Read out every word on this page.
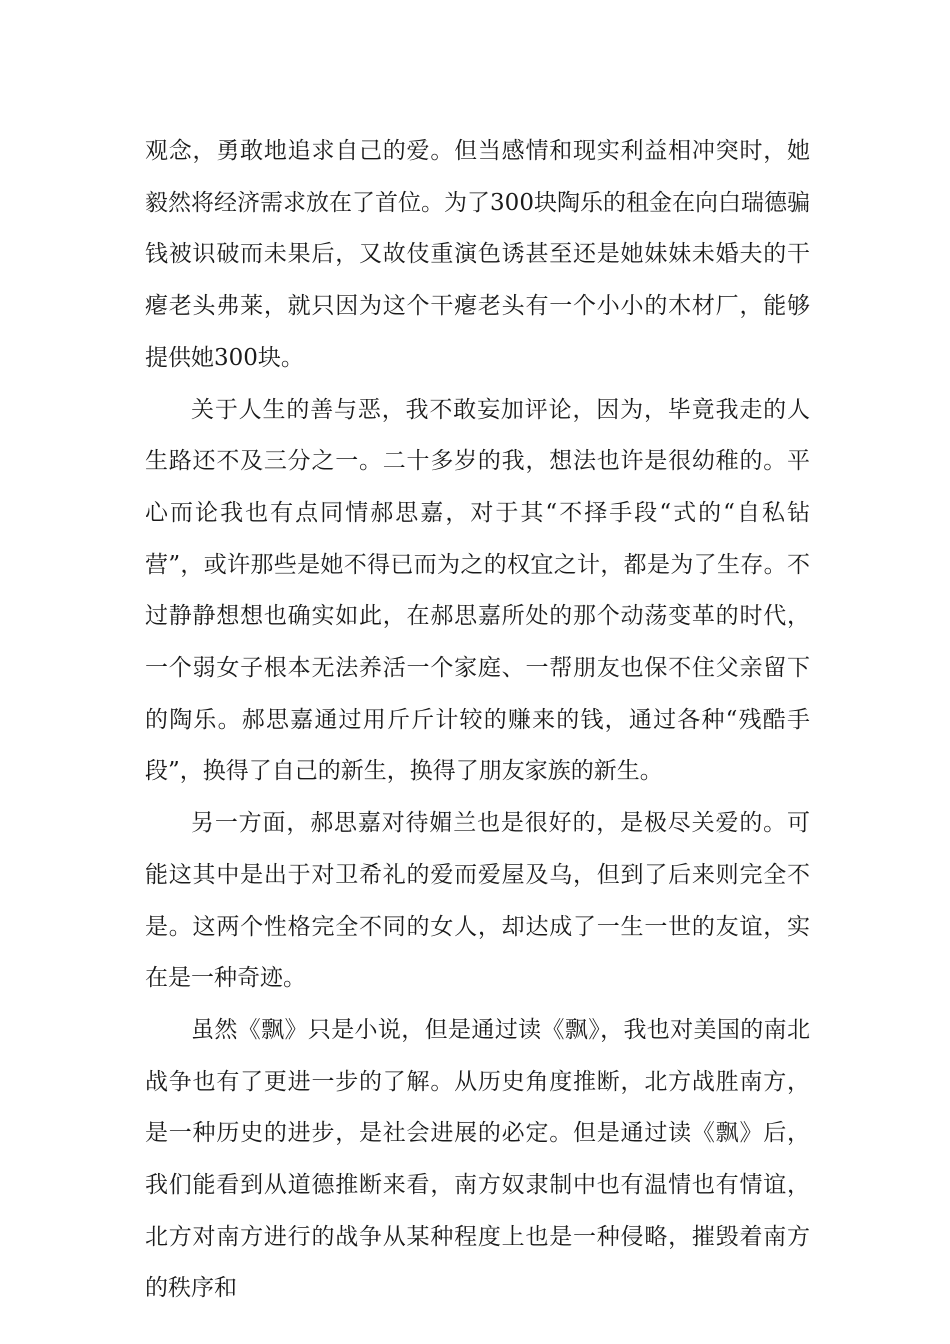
观念，勇敢地追求自己的爱。但当感情和现实利益相冲突时，她毅然将经济需求放在了首位。为了300块陶乐的租金在向白瑞德骗钱被识破而未果后，又故伎重演色诱甚至还是她妹妹未婚夫的干瘪老头弗莱，就只因为这个干瘪老头有一个小小的木材厂，能够提供她300块。

关于人生的善与恶，我不敢妄加评论，因为，毕竟我走的人生路还不及三分之一。二十多岁的我，想法也许是很幼稚的。平心而论我也有点同情郝思嘉，对于其“不择手段“式的“自私钻营”，或许那些是她不得已而为之的权宜之计，都是为了生存。不过静静想想也确实如此，在郝思嘉所处的那个动荡变革的时代，一个弱女子根本无法养活一个家庭、一帮朋友也保不住父亲留下的陶乐。郝思嘉通过用斤斤计较的赚来的钱，通过各种“残酷手段”，换得了自己的新生，换得了朋友家族的新生。

另一方面，郝思嘉对待媚兰也是很好的，是极尽关爱的。可能这其中是出于对卫希礼的爱而爱屋及乌，但到了后来则完全不是。这两个性格完全不同的女人，却达成了一生一世的友谊，实在是一种奇迹。

虽然《飘》只是小说，但是通过读《飘》，我也对美国的南北战争也有了更进一步的了解。从历史角度推断，北方战胜南方，是一种历史的进步，是社会进展的必定。但是通过读《飘》后，我们能看到从道德推断来看，南方奴隶制中也有温情也有情谊，北方对南方进行的战争从某种程度上也是一种侵略，摧毁着南方的秩序和
